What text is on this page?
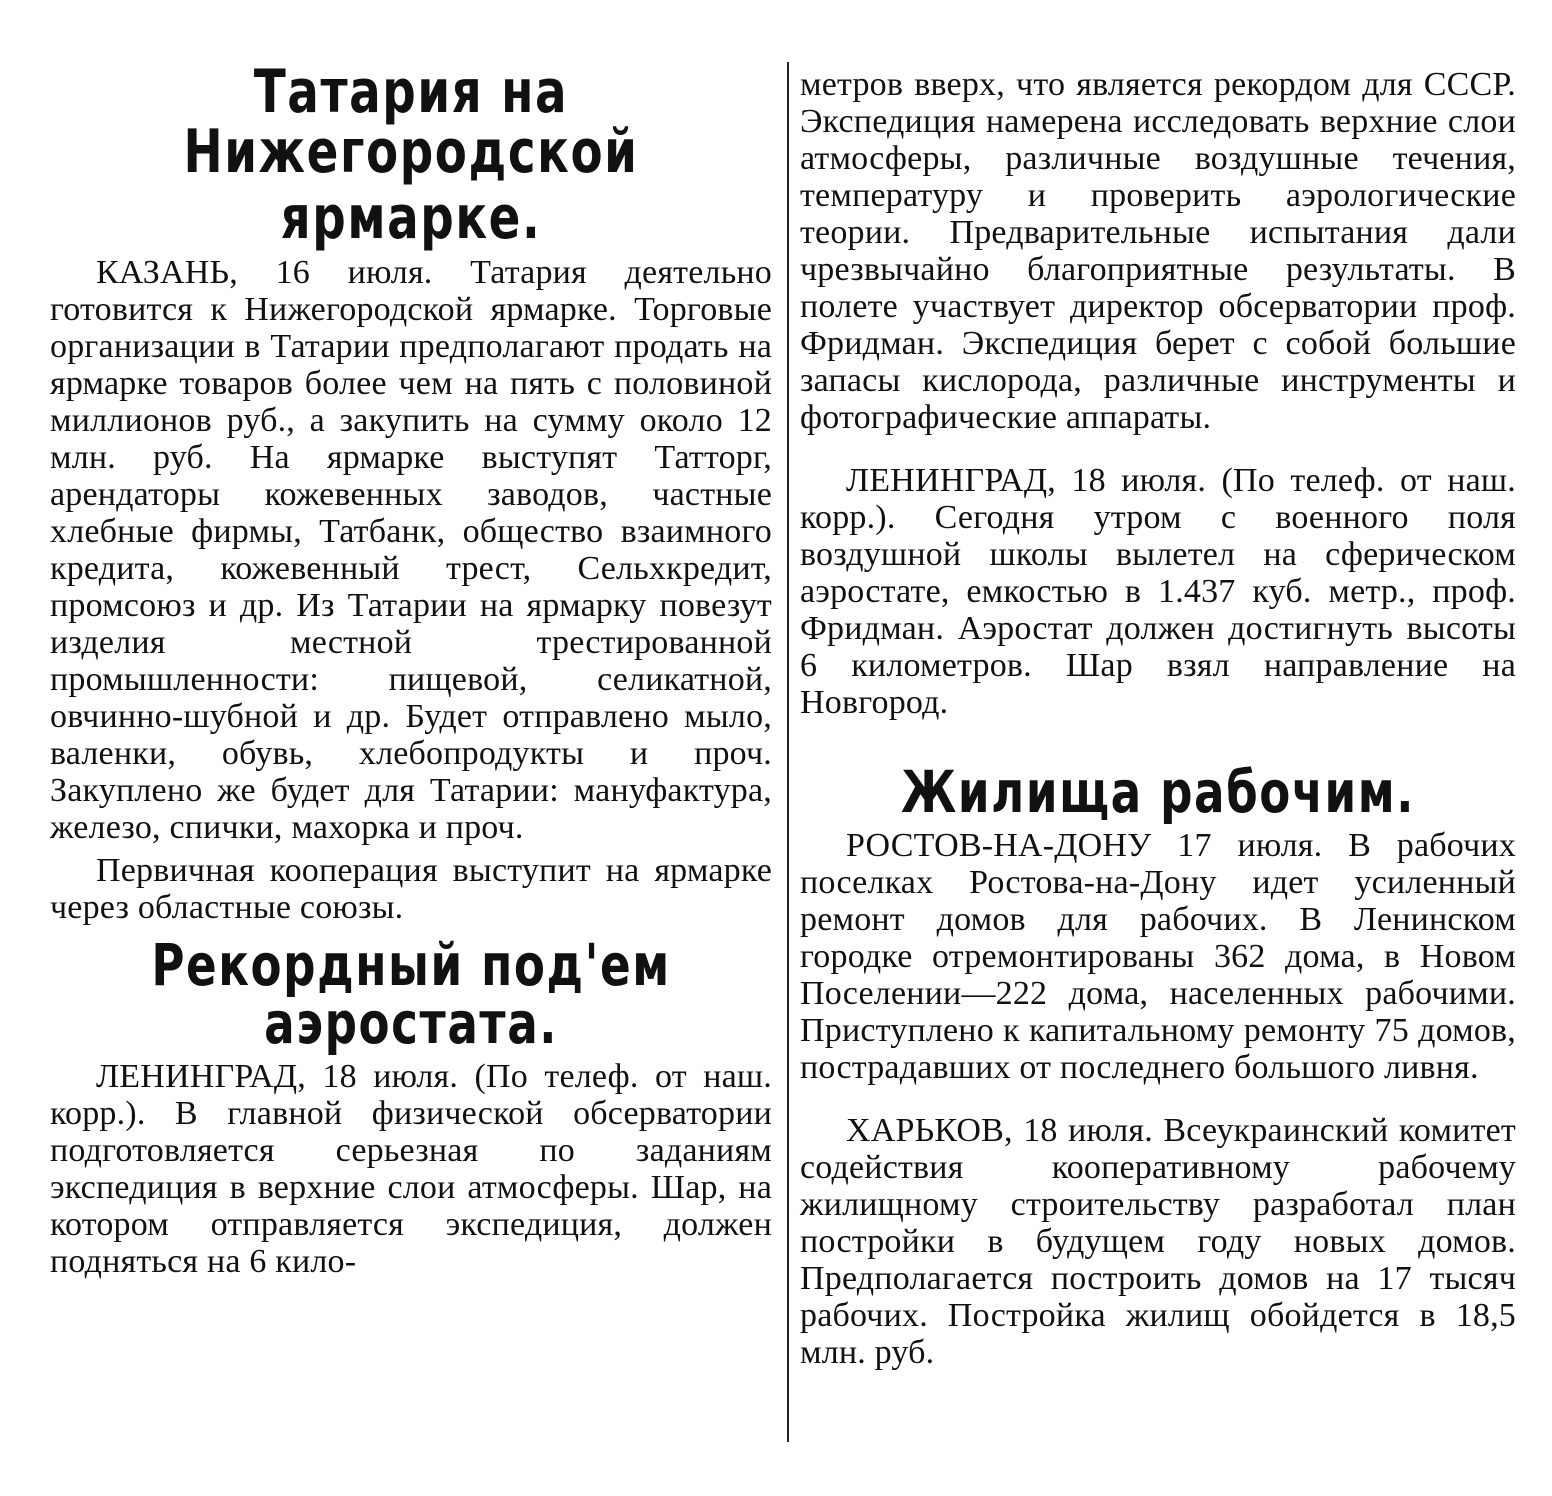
Татария на Нижегородской
ярмарке.

КАЗАНЬ, 16 июля. Татария деятельно готовится к Нижегородской ярмарке. Торговые организации в Татарии предполагают продать на ярмарке товаров более чем на пять с половиной миллионов руб., а закупить на сумму около 12 млн. руб. На ярмарке выступят Татторг, арендаторы кожевенных заводов, частные хлебные фирмы, Татбанк, общество взаимного кредита, кожевенный трест, Сельхкредит, промсоюз и др. Из Татарии на ярмарку повезут изделия местной трестированной промышленности: пищевой, селикатной, овчинно-шубной и др. Будет отправлено мыло, валенки, обувь, хлебопродукты и проч. Закуплено же будет для Татарии: мануфактура, железо, спички, махорка и проч.

Первичная кооперация выступит на ярмарке через областные союзы.

Рекордный под'ем аэростата.

ЛЕНИНГРАД, 18 июля. (По телеф. от наш. корр.). В главной физической обсерватории подготовляется серьезная по заданиям экспедиция в верхние слои атмосферы. Шар, на котором отправляется экспедиция, должен подняться на 6 кило-

метров вверх, что является рекордом для СССР. Экспедиция намерена исследовать верхние слои атмосферы, различные воздушные течения, температуру и проверить аэрологические теории. Предварительные испытания дали чрезвычайно благоприятные результаты. В полете участвует директор обсерватории проф. Фридман. Экспедиция берет с собой большие запасы кислорода, различные инструменты и фотографические аппараты.

ЛЕНИНГРАД, 18 июля. (По телеф. от наш. корр.). Сегодня утром с военного поля воздушной школы вылетел на сферическом аэростате, емкостью в 1.437 куб. метр., проф. Фридман. Аэростат должен достигнуть высоты 6 километров. Шар взял направление на Новгород.

Жилища рабочим.

РОСТОВ-НА-ДОНУ 17 июля. В рабочих поселках Ростова-на-Дону идет усиленный ремонт домов для рабочих. В Ленинском городке отремонтированы 362 дома, в Новом Поселении—222 дома, населенных рабочими. Приступлено к капитальному ремонту 75 домов, пострадавших от последнего большого ливня.

ХАРЬКОВ, 18 июля. Всеукраинский комитет содействия кооперативному рабочему жилищному строительству разработал план постройки в будущем году новых домов. Предполагается построить домов на 17 тысяч рабочих. Постройка жилищ обойдется в 18,5 млн. руб.
